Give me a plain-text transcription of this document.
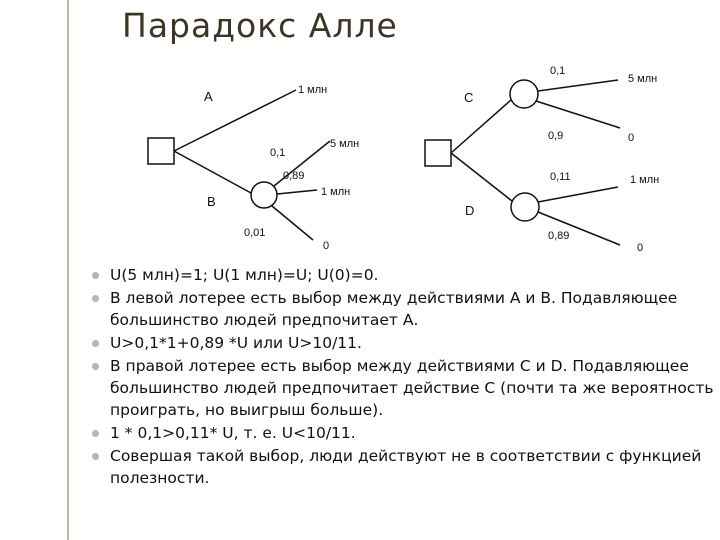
Парадокс Алле
A
B
1 млн
0,1
5 млн
0,89
1 млн
0,01
0
C
D
0,1
5 млн
0,9	0
0,11	1 млн
0,89
0
U(5 млн)=1; U(1 млн)=U; U(0)=0.
В левой лотерее есть выбор между действиями A и B. Подавляющее большинство людей предпочитает А.
U>0,1*1+0,89 *U или U>10/11.
В правой лотерее есть выбор между действиями C и D. Подавляющее большинство людей предпочитает действие C (почти та же вероятность проиграть, но выигрыш больше).
1 * 0,1>0,11* U, т. е. U<10/11.
Совершая такой выбор, люди действуют не в соответствии с функцией полезности.
